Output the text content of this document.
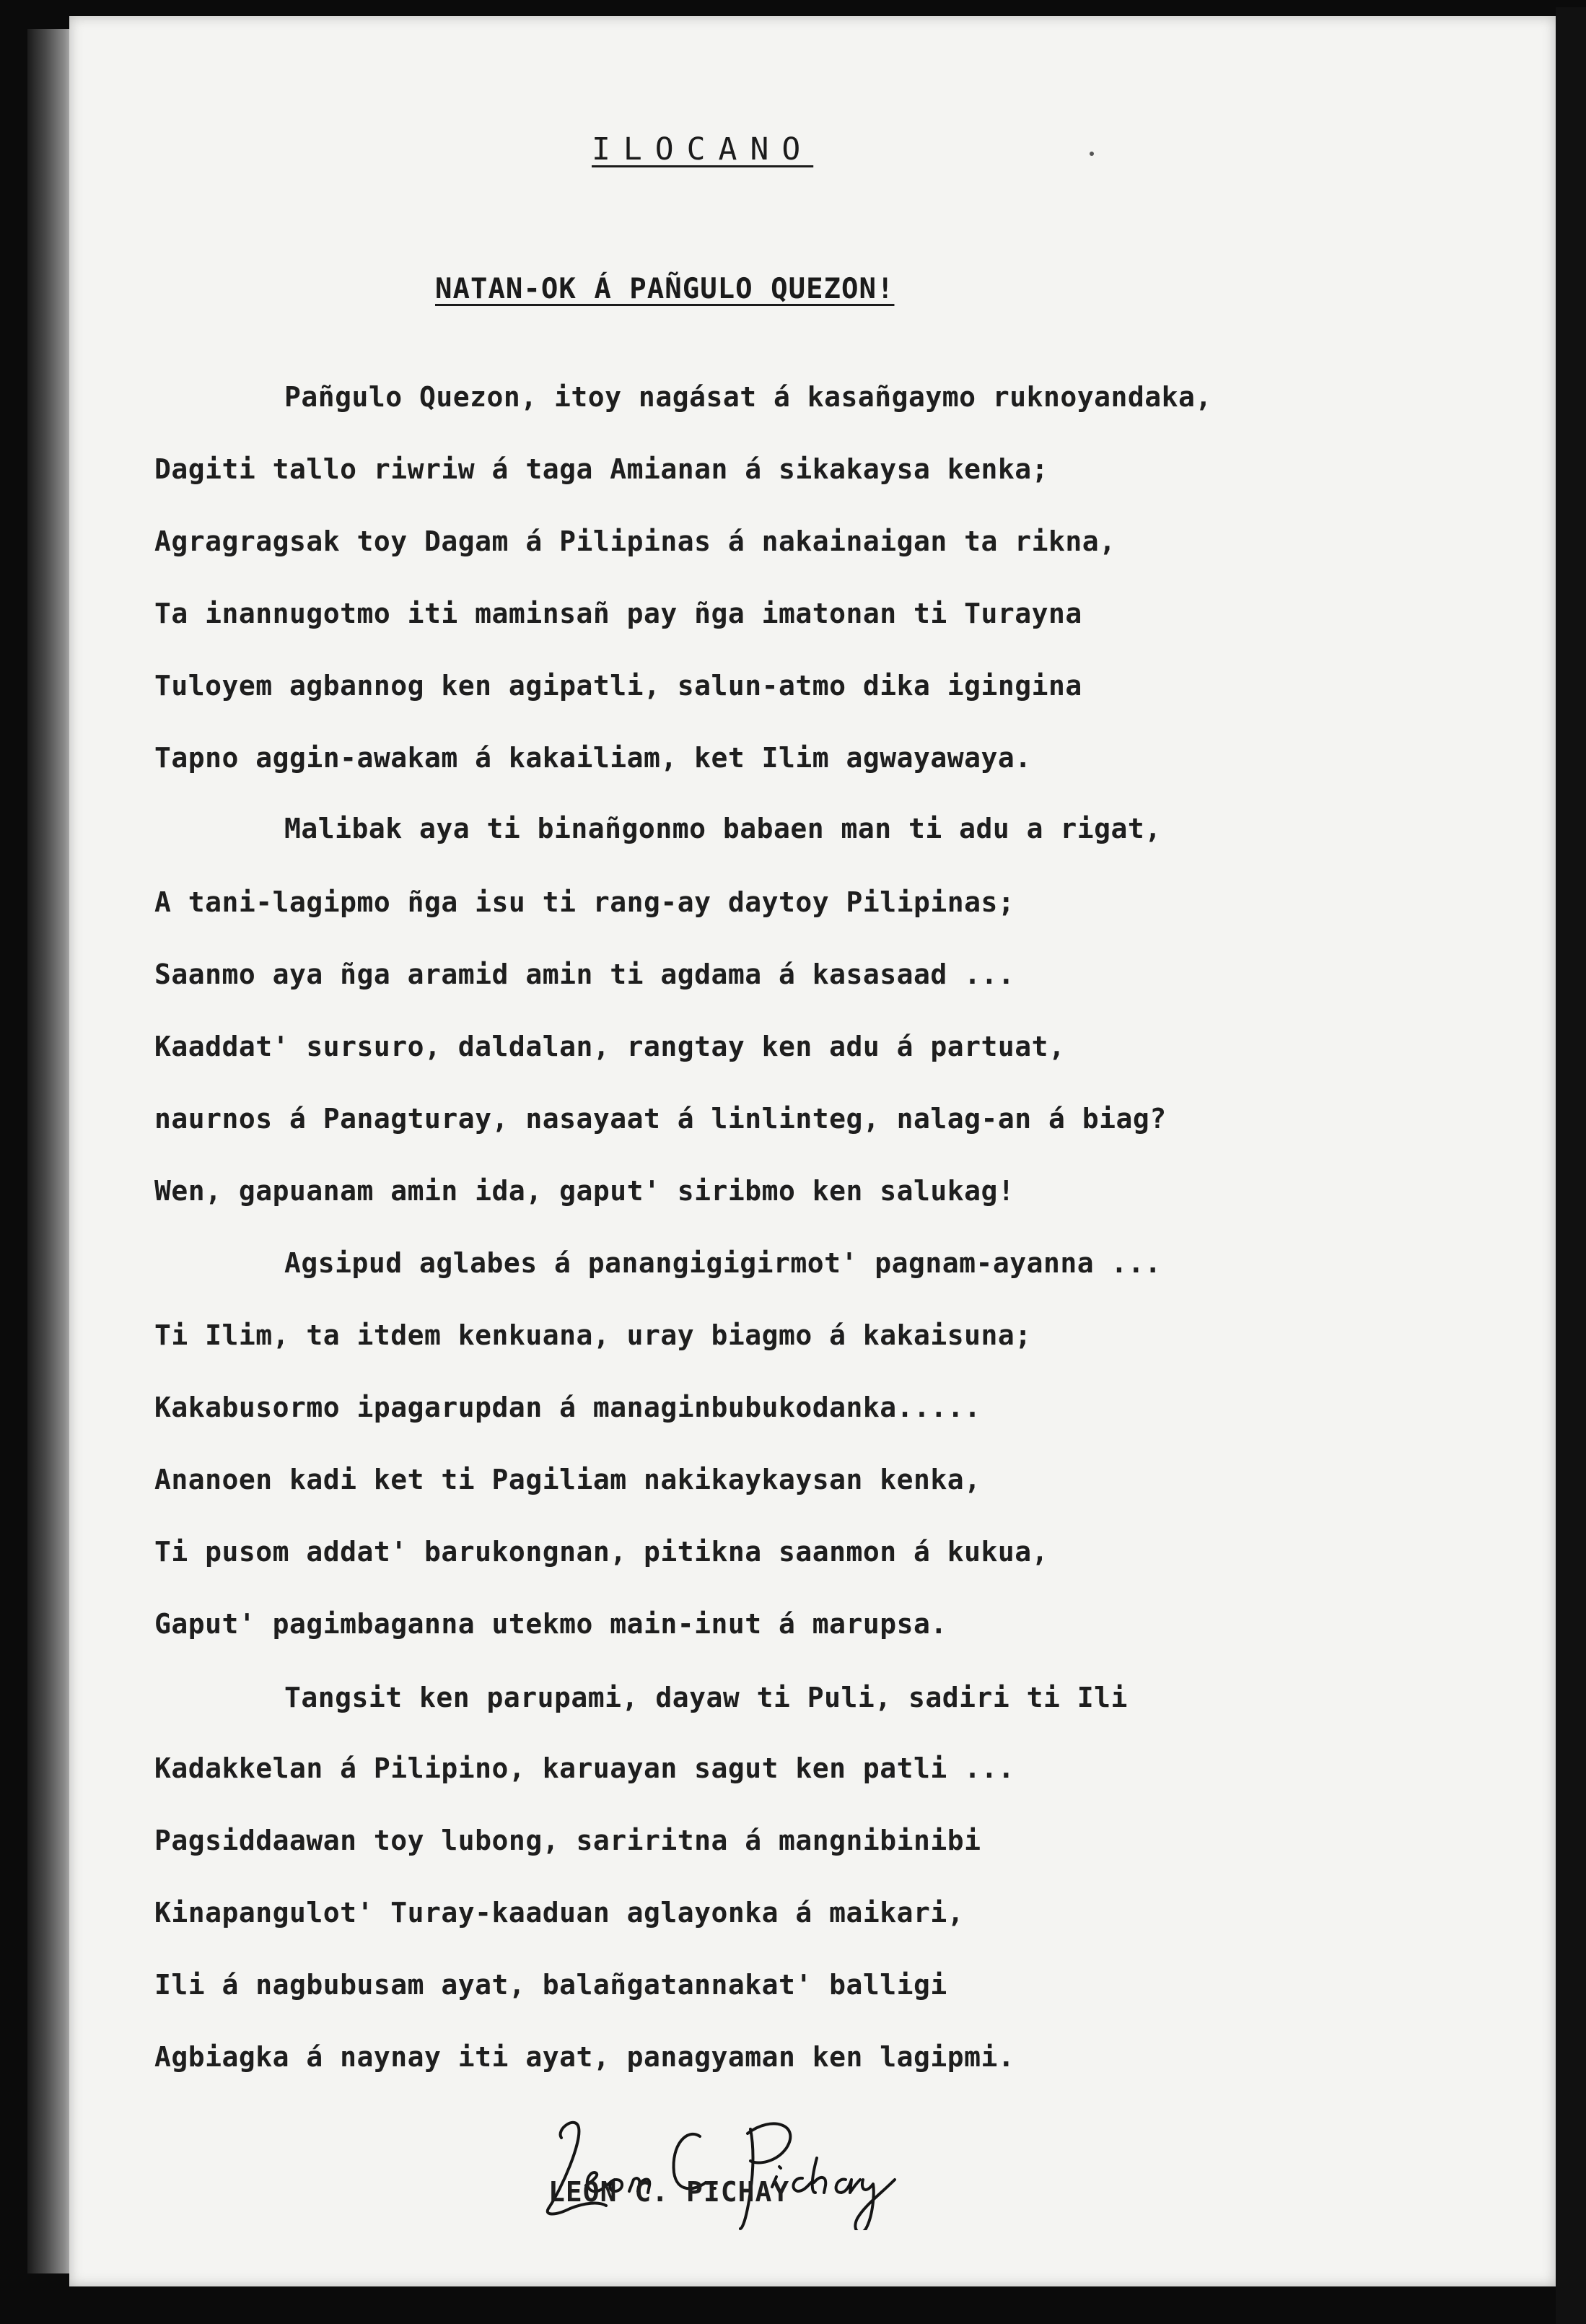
ILOCANO
NATAN-OK Á PAÑGULO QUEZON!
Pañgulo Quezon, itoy nagásat á kasañgaymo ruknoyandaka,
Dagiti tallo riwriw á taga Amianan á sikakaysa kenka;
Agragragsak toy Dagam á Pilipinas á nakainaigan ta rikna,
Ta inannugotmo iti maminsañ pay ñga imatonan ti Turayna
Tuloyem agbannog ken agipatli, salun-atmo dika igingina
Tapno aggin-awakam á kakailiam, ket Ilim agwayawaya.
Malibak aya ti binañgonmo babaen man ti adu a rigat,
A tani-lagipmo ñga isu ti rang-ay daytoy Pilipinas;
Saanmo aya ñga aramid amin ti agdama á kasasaad ...
Kaaddat' sursuro, daldalan, rangtay ken adu á partuat,
naurnos á Panagturay, nasayaat á linlinteg, nalag-an á biag?
Wen, gapuanam amin ida, gaput' siribmo ken salukag!
Agsipud aglabes á panangigigirmot' pagnam-ayanna ...
Ti Ilim, ta itdem kenkuana, uray biagmo á kakaisuna;
Kakabusormo ipagarupdan á managinbubukodanka.....
Ananoen kadi ket ti Pagiliam nakikaykaysan kenka,
Ti pusom addat' barukongnan, pitikna saanmon á kukua,
Gaput' pagimbaganna utekmo main-inut á marupsa.
Tangsit ken parupami, dayaw ti Puli, sadiri ti Ili
Kadakkelan á Pilipino, karuayan sagut ken patli ...
Pagsiddaawan toy lubong, sariritna á mangnibinibi
Kinapangulot' Turay-kaaduan aglayonka á maikari,
Ili á nagbubusam ayat, balañgatannakat' balligi
Agbiagka á naynay iti ayat, panagyaman ken lagipmi.
LEON C. PICHAY
